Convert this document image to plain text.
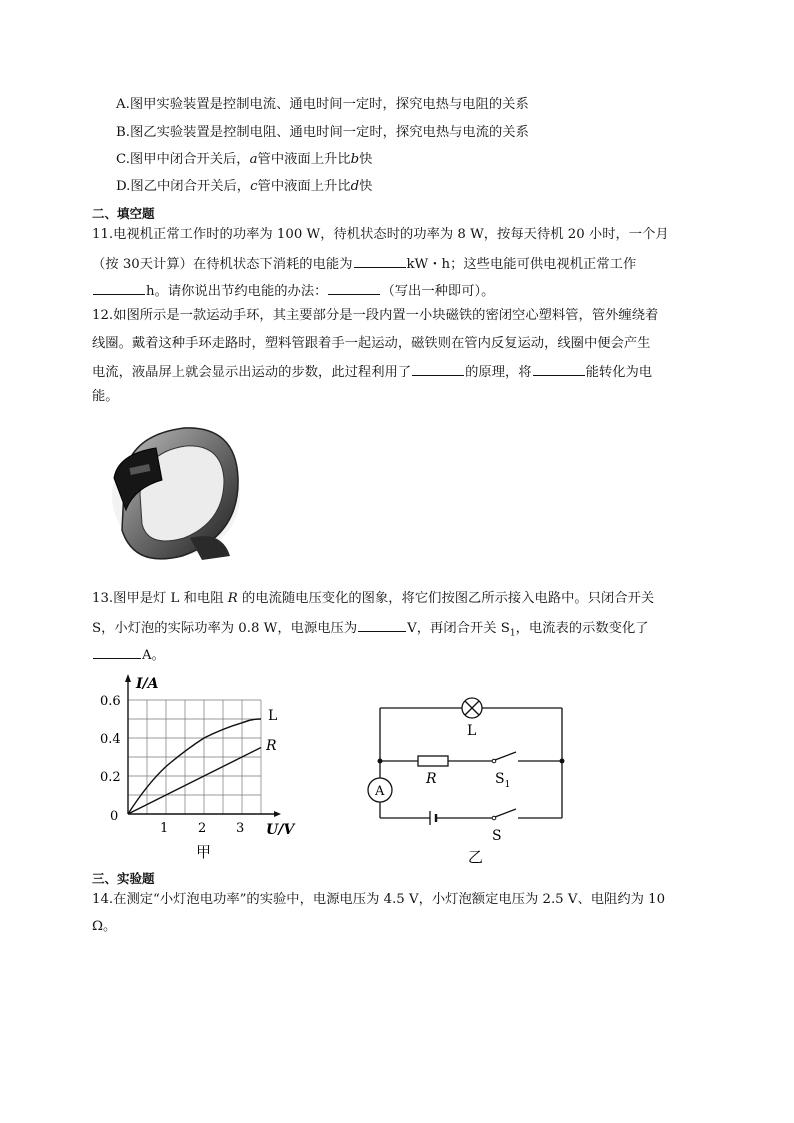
A.图甲实验装置是控制电流、通电时间一定时，探究电热与电阻的关系
B.图乙实验装置是控制电阻、通电时间一定时，探究电热与电流的关系
C.图甲中闭合开关后，a管中液面上升比b快
D.图乙中闭合开关后，c管中液面上升比d快
二、填空题
11.电视机正常工作时的功率为 100 W，待机状态时的功率为 8 W，按每天待机 20 小时，一个月
（按 30天计算）在待机状态下消耗的电能为	kW・h；这些电能可供电视机正常工作
h。请你说出节约电能的办法：	（写出一种即可）。
12.如图所示是一款运动手环，其主要部分是一段内置一小块磁铁的密闭空心塑料管，管外缠绕着
线圈。戴着这种手环走路时，塑料管跟着手一起运动，磁铁则在管内反复运动，线圈中便会产生
电流，液晶屏上就会显示出运动的步数，此过程利用了	的原理，将	能转化为电
能。
13.图甲是灯 L 和电阻 R 的电流随电压变化的图象，将它们按图乙所示接入电路中。只闭合开关
S，小灯泡的实际功率为 0.8 W，电源电压为	V，再闭合开关 $S_1$，电流表的示数变化了
A。
0.6
0.4
0.2
0
1 2 3
I/A
U/V
L
R
甲
L
R	$S_1$
A
S
乙
三、实验题
14.在测定“小灯泡电功率”的实验中，电源电压为 4.5 V，小灯泡额定电压为 2.5 V、电阻约为 10
Ω。
